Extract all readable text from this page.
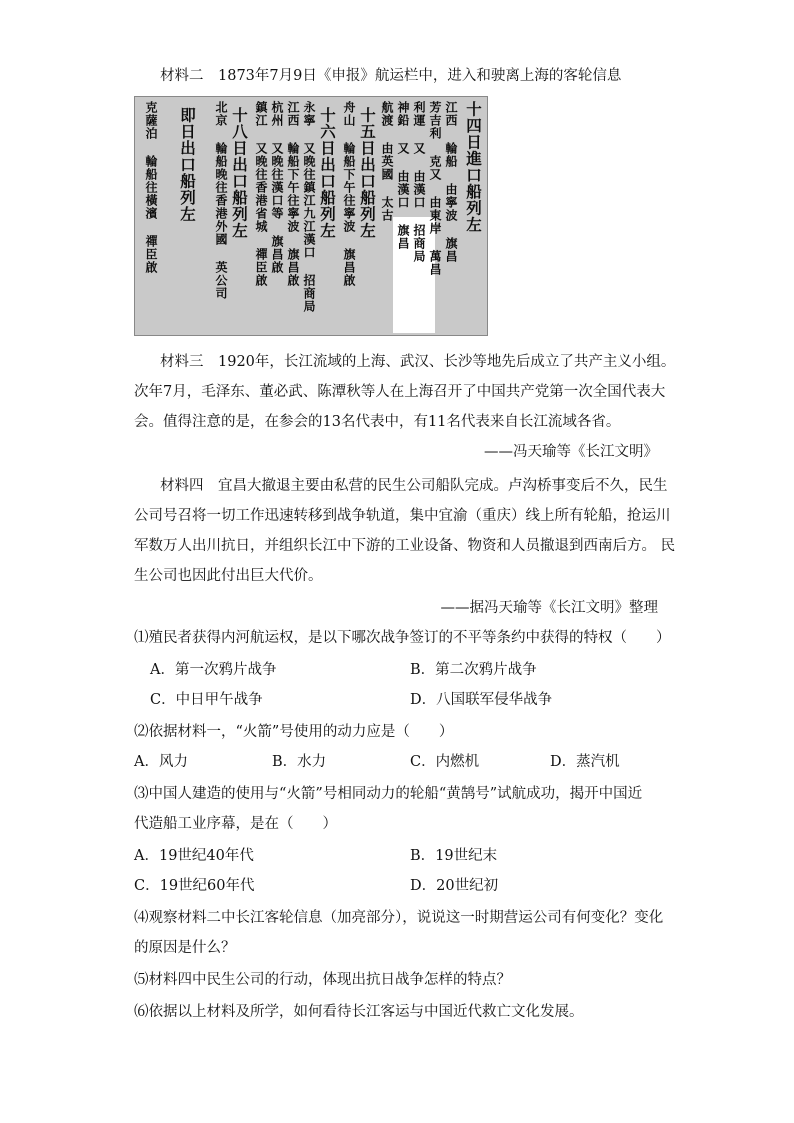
材料二　1873年7月9日《申报》航运栏中，进入和驶离上海的客轮信息
十四日進口船列左
江西 輪船 由寧波 旗昌
芳吉利 克又 由東岸 萬昌
利運 又 由漢口 招商局
神鉛 又 由漢口 旗昌
航渡 由英國 太古
十五日出口船列左
舟山 輪船下午往寧波 旗昌啟
十六日出口船列左
永寧 又晚往鎮江九江漢口 招商局
江西 輪船下午往寧波 旗昌啟
杭州 又晚往漢口等 旗昌啟
鎮江 又晚往香港省城 禪臣啟
十八日出口船列左
北京 輪船晚往香港外國 英公司
即日出口船列左
克薩泊 輪船往橫濱 禪臣啟
材料三　1920年，长江流域的上海、武汉、长沙等地先后成立了共产主义小组。
次年7月，毛泽东、董必武、陈潭秋等人在上海召开了中国共产党第一次全国代表大
会。值得注意的是，在参会的13名代表中，有11名代表来自长江流域各省。
——冯天瑜等《长江文明》
材料四　宜昌大撤退主要由私营的民生公司船队完成。卢沟桥事变后不久，民生
公司号召将一切工作迅速转移到战争轨道，集中宜渝（重庆）线上所有轮船，抢运川
军数万人出川抗日，并组织长江中下游的工业设备、物资和人员撤退到西南后方。 民
生公司也因此付出巨大代价。
——据冯天瑜等《长江文明》整理
⑴殖民者获得内河航运权，是以下哪次战争签订的不平等条约中获得的特权（　　）
A．第一次鸦片战争	B．第二次鸦片战争
C．中日甲午战争	D．八国联军侵华战争
⑵依据材料一，“火箭”号使用的动力应是（　　）
A．风力	B．水力	C．内燃机	D．蒸汽机
⑶中国人建造的使用与“火箭”号相同动力的轮船“黄鹄号”试航成功，揭开中国近
代造船工业序幕，是在（　　）
A．19世纪40年代	B．19世纪末
C．19世纪60年代	D．20世纪初
⑷观察材料二中长江客轮信息（加亮部分），说说这一时期营运公司有何变化？变化
的原因是什么？
⑸材料四中民生公司的行动，体现出抗日战争怎样的特点？
⑹依据以上材料及所学，如何看待长江客运与中国近代救亡文化发展。
